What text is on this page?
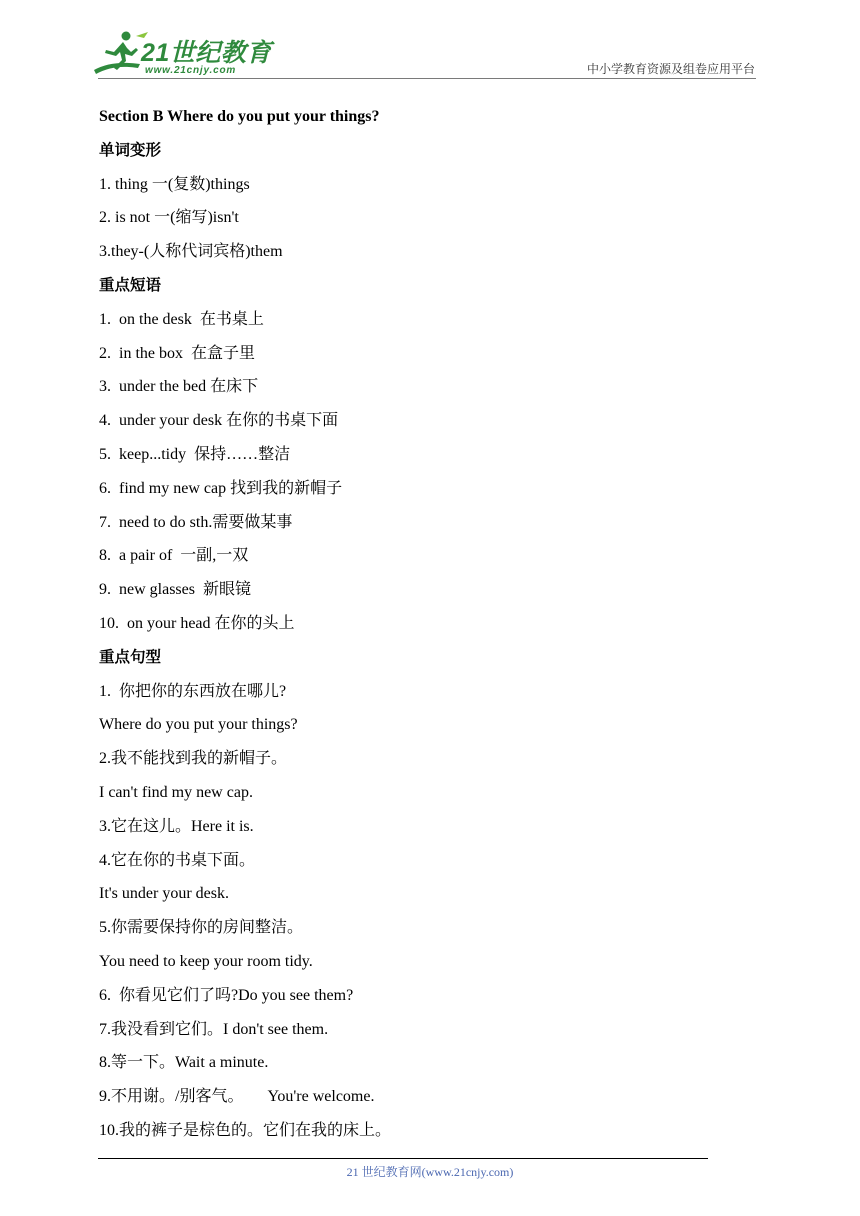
21世纪教育
www.21cnjy.com	中小学教育资源及组卷应用平台
Section B Where do you put your things?
单词变形
1. thing 一(复数)things
2. is not 一(缩写)isn't
3.they-(人称代词宾格)them
重点短语
1.  on the desk  在书桌上
2.  in the box  在盒子里
3.  under the bed 在床下
4.  under your desk 在你的书桌下面
5.  keep...tidy  保持……整洁
6.  find my new cap 找到我的新帽子
7.  need to do sth.需要做某事
8.  a pair of  一副,一双
9.  new glasses  新眼镜
10.  on your head 在你的头上
重点句型
1.  你把你的东西放在哪儿?
Where do you put your things?
2.我不能找到我的新帽子。
I can't find my new cap.
3.它在这儿。Here it is.
4.它在你的书桌下面。
It's under your desk.
5.你需要保持你的房间整洁。
You need to keep your room tidy.
6.  你看见它们了吗?Do you see them?
7.我没看到它们。I don't see them.
8.等一下。Wait a minute.
9.不用谢。/别客气。      You're welcome.
10.我的裤子是棕色的。它们在我的床上。
21 世纪教育网(www.21cnjy.com)
